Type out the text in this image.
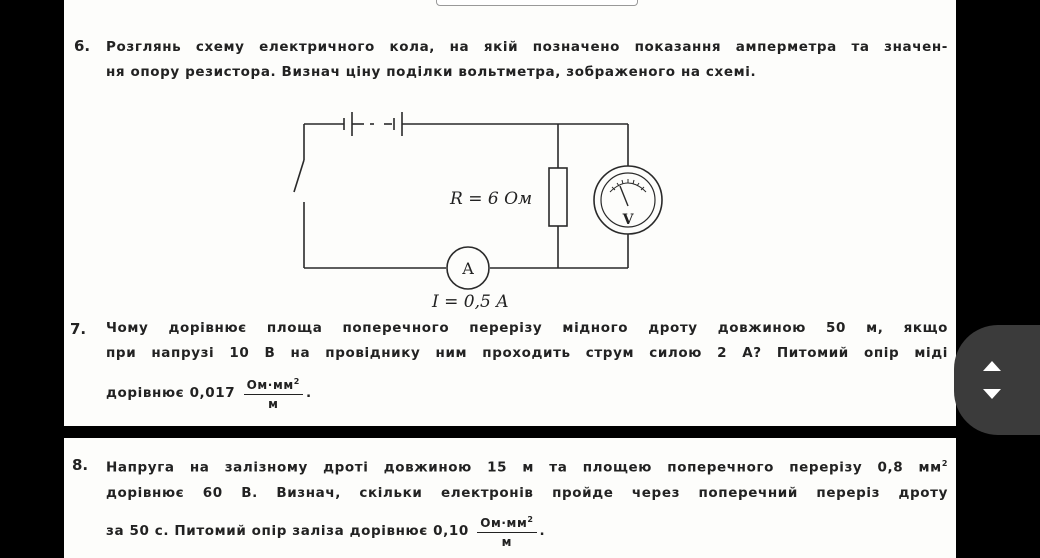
6. Розглянь схему електричного кола, на якій позначено показання амперметра та значен-
ня опору резистора. Визнач ціну поділки вольтметра, зображеного на схемі.
A
V
R = 6 Ом
I = 0,5 A
7. Чому дорівнює площа поперечного перерізу мідного дроту довжиною 50 м, якщо
при напрузі 10 В на провіднику ним проходить струм силою 2 А? Питомий опір міді
дорівнює $0,017 \frac{Ом\cdot мм^2}{м}$ .
8. Напруга на залізному дроті довжиною 15 м та площею поперечного перерізу 0,8 $мм^2$
дорівнює 60 В. Визнач, скільки електронів пройде через поперечний переріз дроту
за 50 с. Питомий опір заліза дорівнює $0,10 \frac{Ом\cdot мм^2}{м}$ .
